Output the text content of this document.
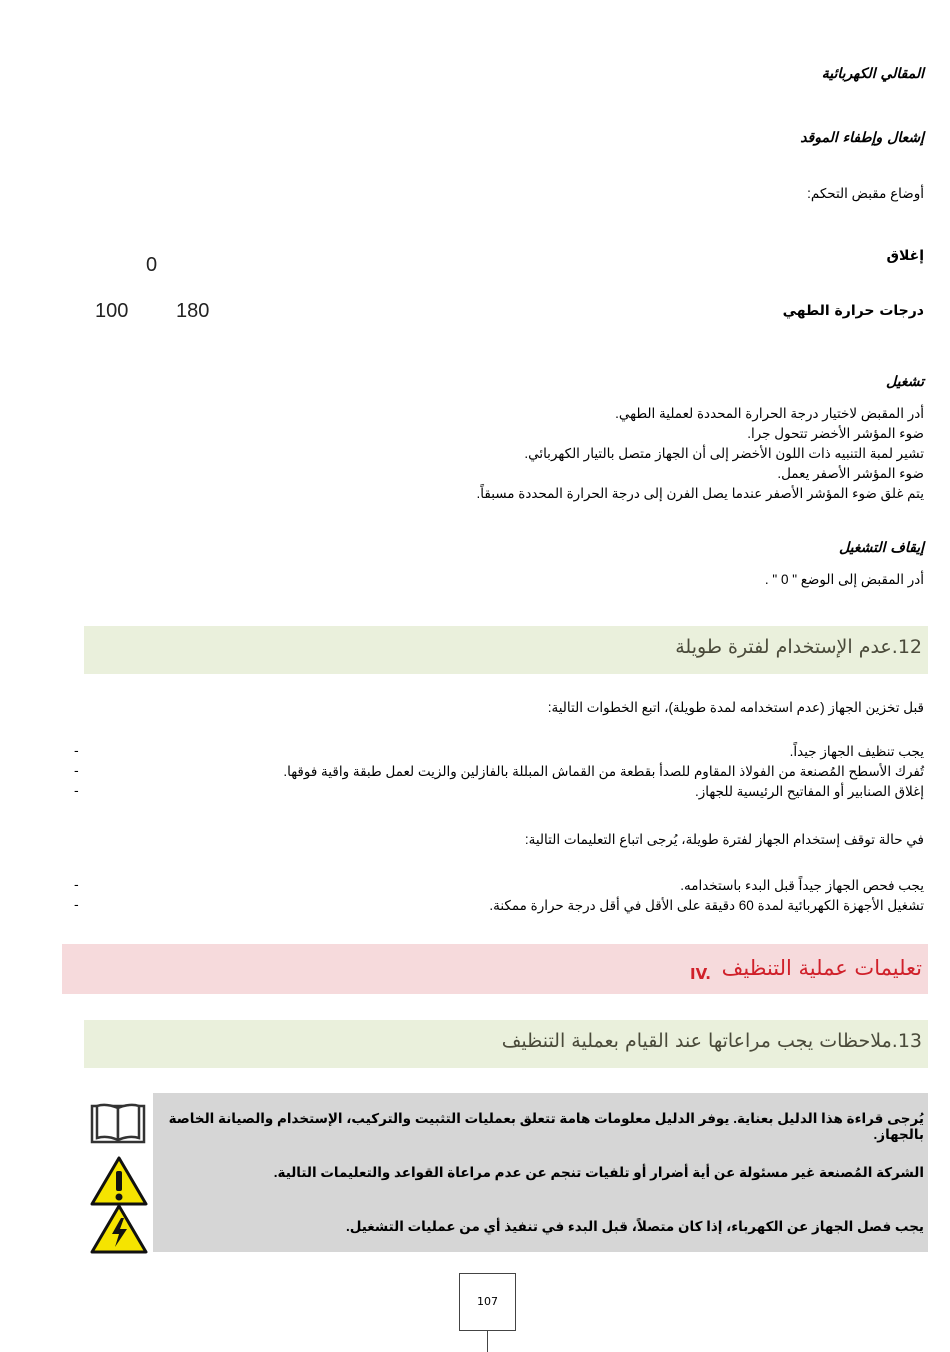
المقالي الكهربائية
إشعال وإطفاء الموقد
أوضاع مقبض التحكم:
إغلاق
0
درجات حرارة الطهي
100 180
تشغيل
أدر المقبض لاختيار درجة الحرارة المحددة لعملية الطهي.
ضوء المؤشر الأخضر تتحول جرا.
تشير لمبة التنبيه ذات اللون الأخضر إلى أن الجهاز متصل بالتيار الكهربائي.
ضوء المؤشر الأصفر يعمل.
يتم غلق ضوء المؤشر الأصفر عندما يصل الفرن إلى درجة الحرارة المحددة مسبقاً.
إيقاف التشغيل
أدر المقبض إلى الوضع " 0 " .
12.عدم الإستخدام لفترة طويلة
قبل تخزين الجهاز (عدم استخدامه لمدة طويلة)، اتبع الخطوات التالية:
يجب تنظيف الجهاز جيداً.
تُفرك الأسطح المُصنعة من الفولاذ المقاوم للصدأ بقطعة من القماش المبللة بالفازلين والزيت لعمل طبقة واقية فوقها.
إغلاق الصنابير أو المفاتيح الرئيسية للجهاز.
-
-
-
في حالة توقف إستخدام الجهاز لفترة طويلة، يُرجى اتباع التعليمات التالية:
يجب فحص الجهاز جيداً قبل البدء باستخدامه.
تشغيل الأجهزة الكهربائية لمدة 60 دقيقة على الأقل في أقل درجة حرارة ممكنة.
-
-
IV. تعليمات عملية التنظيف
13.ملاحظات يجب مراعاتها عند القيام بعملية التنظيف
يُرجى قراءة هذا الدليل بعناية. يوفر الدليل معلومات هامة تتعلق بعمليات التثبيت والتركيب، الإستخدام والصيانة الخاصة بالجهاز.
الشركة المُصنعة غير مسئولة عن أية أضرار أو تلفيات تنجم عن عدم مراعاة القواعد والتعليمات التالية.
يجب فصل الجهاز عن الكهرباء، إذا كان متصلاً، قبل البدء في تنفيذ أي من عمليات التشغيل.
107
